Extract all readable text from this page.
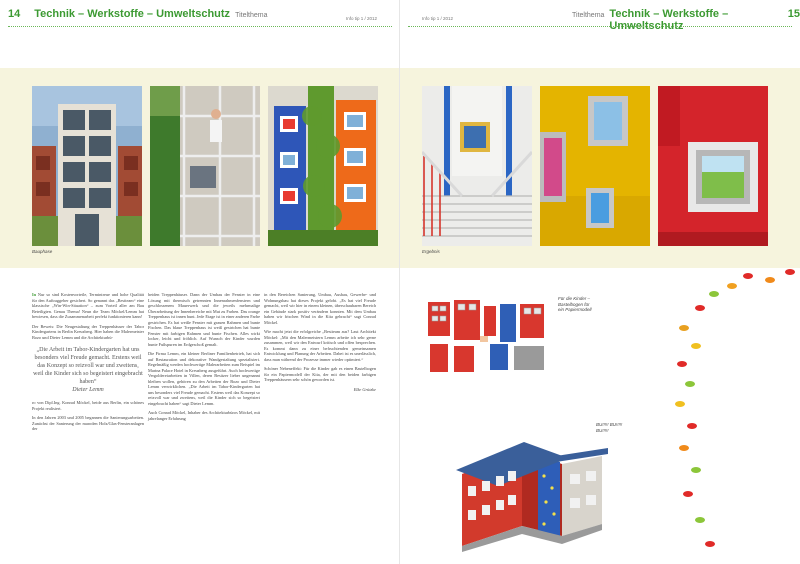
14 Technik – Werkstoffe – Umweltschutz Titelthema	Info tip 1 / 2012
Bauphase

In Nur so sind Kostenvorteile, Termintreue und hohe Qualität für den Auftraggeber gesichert. So genannt das „Bestteam“ eine klassische „Win-Win-Situation“ – zum Vorteil aller am Bau Beteiligten. Genau Thema! Neun die Team Möckel/Lemm hat bewiesen, dass die Zusammenarbeit perfekt funktionieren kann!

Der Beweis: Die Neugestaltung der Treppenhäuser der Tabor Kindergartens in Berlin Kreuzberg. Hier haben die Malermeister Bozo und Dieter Lemm und die Architekturbü-

„Die Arbeit im Tabor-Kindergarten hat uns besonders viel Freude gemacht. Erstens weil das Konzept so reizvoll war und zweitens, weil die Kinder sich so begeistert eingebracht haben“
Dieter Lemm

ro von Dipl.Ing. Konrad Möckel, beide aus Berlin, ein schönes Projekt realisiert.

In den Jahren 2003 und 2005 begannen die Sanierungsarbeiten. Zunächst der Sanierung der maroden Holz/Glas-Fensteranlagen der

beiden Treppenhäuser. Dann der Umbau der Fenster in eine Lösung mit thermisch getrennten Innenrahmenfenstern und geschlossenem Mauerwerk und die jeweils mehrmalige Überarbeitung der Innenbereiche mit Mut zu Farben. Das orange Treppenhaus ist innen bunt. Jede Etage ist in einer anderen Farbe gestrichen. Es hat weiße Fenster mit grauen Rahmen und bunte Fischen. Das blaue Treppenhaus ist weiß gestrichen hat bunte Fenster mit farbigen Rahmen und bunte Fischen. Alles wirkt locker, leicht und fröhlich. Auf Wunsch der Kinder wurden bunte Fußspuren im Erdgeschoß gemalt.

Die Firma Lemm, ein kleiner Berliner Familienbetrieb, hat sich auf Restauration und dekorative Wandgestaltung spezialisiert. Regelmäßig werden hochwertige Malerarbeiten zum Beispiel im Marina Palace Hotel in Kreuzberg ausgeführt. Auch hochwertige Vergoldereiarbeiten in Villen, deren Besitzer lieber ungenannt bleiben wollen, gehören zu den Arbeiten der Bozo und Dieter Lemm verwirklichen. „Die Arbeit im Tabor-Kindergarten hat uns besonders viel Freude gemacht. Erstens weil das Konzept so reizvoll war und zweitens, weil die Kinder sich so begeistert eingebracht haben“ sagt Dieter Lemm.

Auch Conrad Möckel, Inhaber des Architekturbüros Möckel, mit jahrelanger Erfahrung

in den Bereichen Sanierung, Umbau, Ausbau, Gewerbe- und Wohnungsbau hat dieses Projekt gelobt. „Es hat viel Freude gemacht, weil wir hier in einem kleinen, überschaubaren Bereich ein Gebäude stark positiv verändern konnten. Mit dem Umbau haben wir frischen Wind in die Kita gebracht“ sagt Conrad Möckel.

Wie macht jetzt die erfolgreiche „Bestteam aus? Laut Architekt Möckel: „Mit den Malermeistern Lemm arbeite ich sehr gerne zusammen, weil wir den Entwurf kritisch und offen besprechen. Es kommt dann zu einer befruchtenden gemeinsamen Entwicklung und Planung der Arbeiten. Dabei ist es unerlässlich, dass man während der Prozesse immer wieder optimiert.“

Schöner Nebeneffekt: Für die Kinder gab es einen Bastelbogen für ein Papiermodell der Kita, der mit den beiden farbigen Treppenhäusern sehr schön geworden ist.

Elke Grützke

Info tip 1 / 2012	Titelthema Technik – Werkstoffe – Umweltschutz
15
Ergebnis
Für die Kinder –
Bastelbogen für
ein Papiermodell
BU!!!!! BU!!!!!
BU!!!!!
